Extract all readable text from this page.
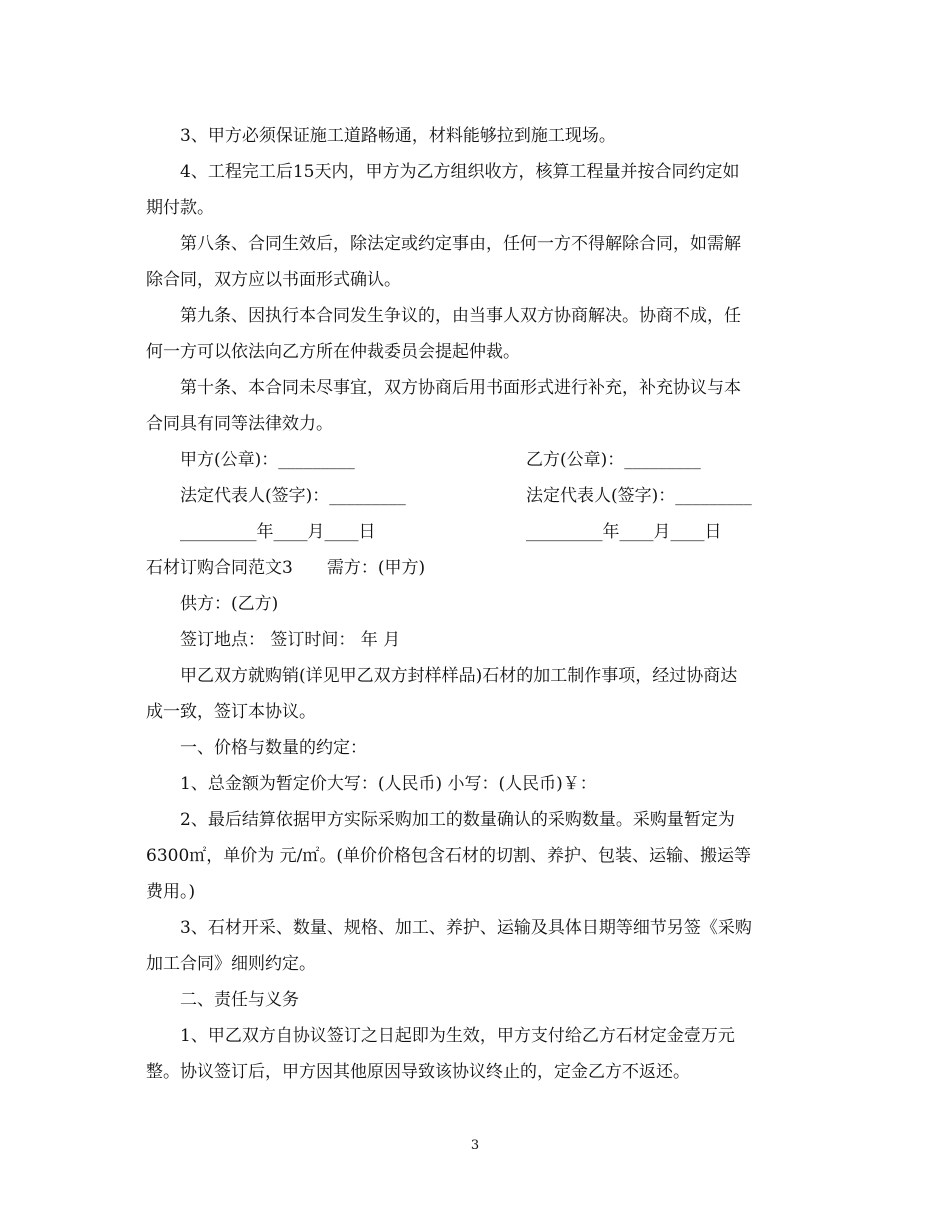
3、甲方必须保证施工道路畅通，材料能够拉到施工现场。

4、工程完工后15天内，甲方为乙方组织收方，核算工程量并按合同约定如

期付款。

第八条、合同生效后，除法定或约定事由，任何一方不得解除合同，如需解

除合同，双方应以书面形式确认。

第九条、因执行本合同发生争议的，由当事人双方协商解决。协商不成，任

何一方可以依法向乙方所在仲裁委员会提起仲裁。

第十条、本合同未尽事宜，双方协商后用书面形式进行补充，补充协议与本

合同具有同等法律效力。

甲方(公章)：_________	乙方(公章)：_________
法定代表人(签字)：_________	法定代表人(签字)：_________
_________年____月____日	_________年____月____日

石材订购合同范文3 需方：(甲方)

供方：(乙方)

签订地点： 签订时间： 年 月

甲乙双方就购销(详见甲乙双方封样样品)石材的加工制作事项，经过协商达

成一致，签订本协议。

一、价格与数量的约定：

1、总金额为暂定价大写：(人民币) 小写：(人民币)￥：

2、最后结算依据甲方实际采购加工的数量确认的采购数量。采购量暂定为

6300㎡，单价为 元/㎡。(单价价格包含石材的切割、养护、包装、运输、搬运等

费用。)

3、石材开采、数量、规格、加工、养护、运输及具体日期等细节另签《采购

加工合同》细则约定。

二、责任与义务

1、甲乙双方自协议签订之日起即为生效，甲方支付给乙方石材定金壹万元

整。协议签订后，甲方因其他原因导致该协议终止的，定金乙方不返还。

3
